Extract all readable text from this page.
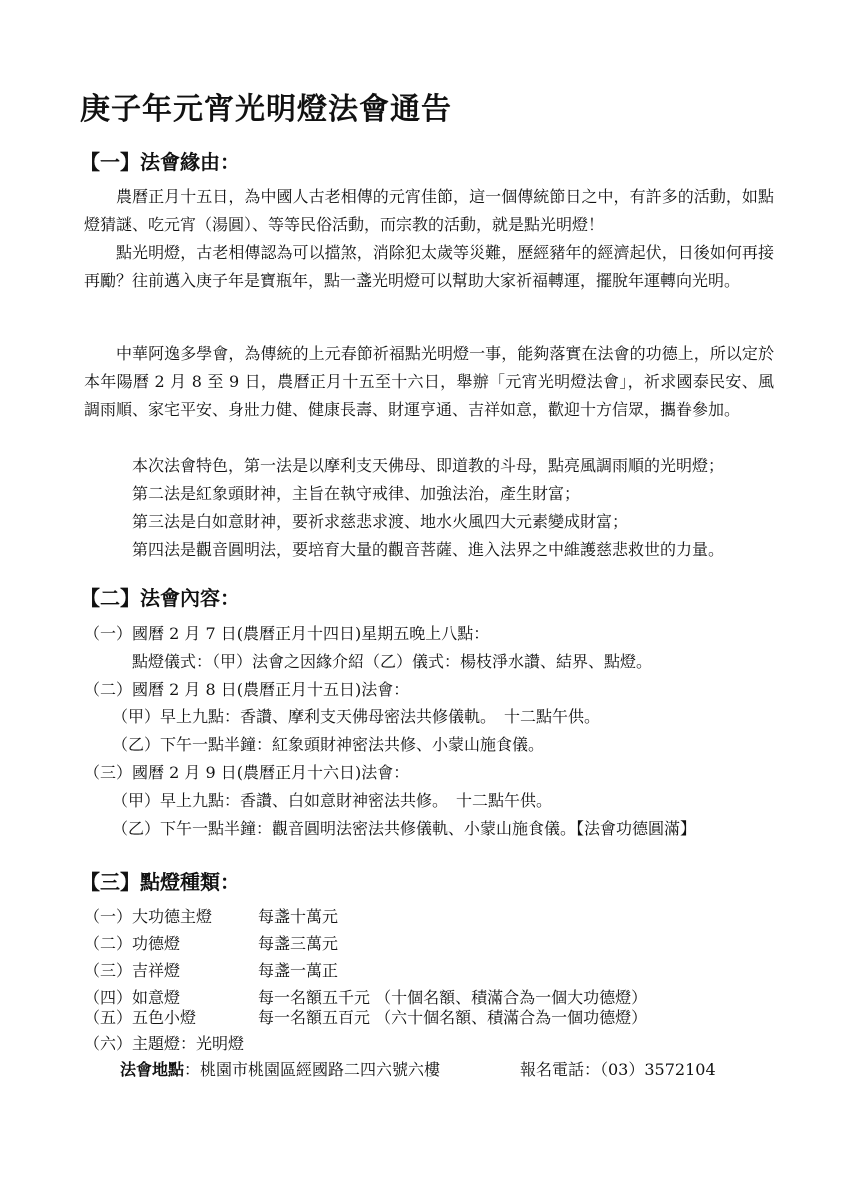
庚子年元宵光明燈法會通告
【一】法會緣由：

農曆正月十五日，為中國人古老相傳的元宵佳節，這一個傳統節日之中，有許多的活動，如點燈猜謎、吃元宵（湯圓）、等等民俗活動，而宗教的活動，就是點光明燈！

點光明燈，古老相傳認為可以擋煞，消除犯太歲等災難，歷經豬年的經濟起伏，日後如何再接再勵？往前邁入庚子年是寶瓶年，點一盞光明燈可以幫助大家祈福轉運，擺脫年運轉向光明。

中華阿逸多學會，為傳統的上元春節祈福點光明燈一事，能夠落實在法會的功德上，所以定於本年陽曆 2 月 8 至 9 日，農曆正月十五至十六日，舉辦「元宵光明燈法會」，祈求國泰民安、風調雨順、家宅平安、身壯力健、健康長壽、財運亨通、吉祥如意，歡迎十方信眾，攜眷參加。

本次法會特色，第一法是以摩利支天佛母、即道教的斗母，點亮風調雨順的光明燈；
第二法是紅象頭財神，主旨在執守戒律、加強法治，產生財富；
第三法是白如意財神，要祈求慈悲求渡、地水火風四大元素變成財富；
第四法是觀音圓明法，要培育大量的觀音菩薩、進入法界之中維護慈悲救世的力量。
【二】法會內容：
（一）國曆 2 月 7 日(農曆正月十四日)星期五晚上八點：
點燈儀式：（甲）法會之因緣介紹（乙）儀式：楊枝淨水讚、結界、點燈。
（二）國曆 2 月 8 日(農曆正月十五日)法會：
（甲）早上九點：香讚、摩利支天佛母密法共修儀軌。　十二點午供。
（乙）下午一點半鐘：紅象頭財神密法共修、小蒙山施食儀。
（三）國曆 2 月 9 日(農曆正月十六日)法會：
（甲）早上九點：香讚、白如意財神密法共修。　十二點午供。
（乙）下午一點半鐘：觀音圓明法密法共修儀軌、小蒙山施食儀。【法會功德圓滿】
【三】點燈種類：
（一）大功德主燈	每盞十萬元
（二）功德燈	每盞三萬元
（三）吉祥燈	每盞一萬正
（四）如意燈	每一名額五千元 （十個名額、積滿合為一個大功德燈）
（五）五色小燈	每一名額五百元 （六十個名額、積滿合為一個功德燈）
（六）主題燈：光明燈
法會地點：桃園市桃園區經國路二四六號六樓	報名電話：（03）3572104
